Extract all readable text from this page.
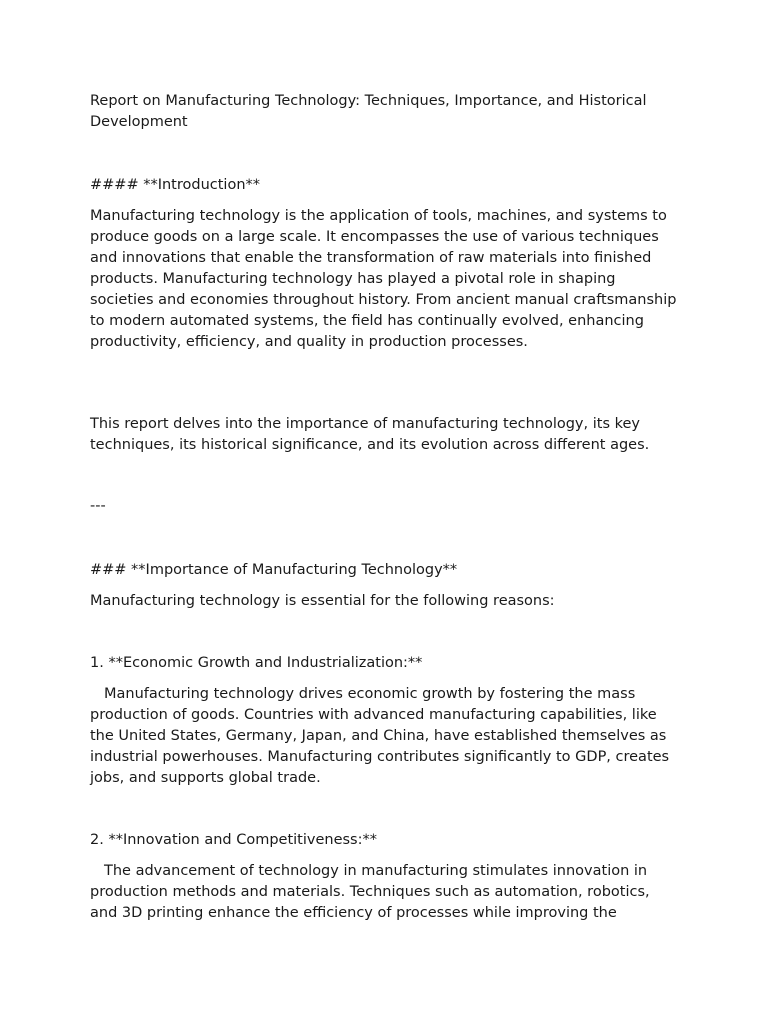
Report on Manufacturing Technology: Techniques, Importance, and Historical Development

#### **Introduction**

Manufacturing technology is the application of tools, machines, and systems to produce goods on a large scale. It encompasses the use of various techniques and innovations that enable the transformation of raw materials into finished products. Manufacturing technology has played a pivotal role in shaping societies and economies throughout history. From ancient manual craftsmanship to modern automated systems, the field has continually evolved, enhancing productivity, efficiency, and quality in production processes.

This report delves into the importance of manufacturing technology, its key techniques, its historical significance, and its evolution across different ages.

---

### **Importance of Manufacturing Technology**

Manufacturing technology is essential for the following reasons:

1. **Economic Growth and Industrialization:**

Manufacturing technology drives economic growth by fostering the mass production of goods. Countries with advanced manufacturing capabilities, like the United States, Germany, Japan, and China, have established themselves as industrial powerhouses. Manufacturing contributes significantly to GDP, creates jobs, and supports global trade.

2. **Innovation and Competitiveness:**

The advancement of technology in manufacturing stimulates innovation in production methods and materials. Techniques such as automation, robotics, and 3D printing enhance the efficiency of processes while improving the
